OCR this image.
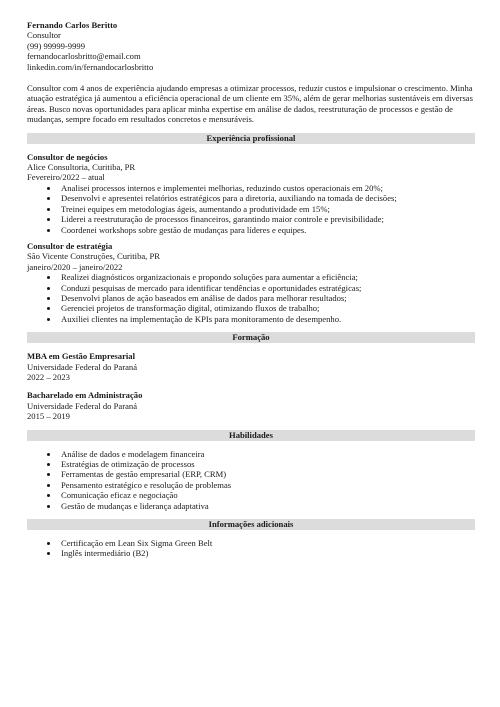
Fernando Carlos Beritto
Consultor
(99) 99999-9999
fernandocarlosbritto@email.com
linkedin.com/in/fernandocarlosbritto
Consultor com 4 anos de experiência ajudando empresas a otimizar processos, reduzir custos e impulsionar o crescimento. Minha atuação estratégica já aumentou a eficiência operacional de um cliente em 35%, além de gerar melhorias sustentáveis em diversas áreas. Busco novas oportunidades para aplicar minha expertise em análise de dados, reestruturação de processos e gestão de mudanças, sempre focado em resultados concretos e mensuráveis.
Experiência profissional
Consultor de negócios
Alice Consultoria, Curitiba, PR
Fevereiro/2022 – atual
• Analisei processos internos e implementei melhorias, reduzindo custos operacionais em 20%;
• Desenvolvi e apresentei relatórios estratégicos para a diretoria, auxiliando na tomada de decisões;
• Treinei equipes em metodologias ágeis, aumentando a produtividade em 15%;
• Liderei a reestruturação de processos financeiros, garantindo maior controle e previsibilidade;
• Coordenei workshops sobre gestão de mudanças para líderes e equipes.
Consultor de estratégia
São Vicente Construções, Curitiba, PR
janeiro/2020 – janeiro/2022
• Realizei diagnósticos organizacionais e propondo soluções para aumentar a eficiência;
• Conduzi pesquisas de mercado para identificar tendências e oportunidades estratégicas;
• Desenvolvi planos de ação baseados em análise de dados para melhorar resultados;
• Gerenciei projetos de transformação digital, otimizando fluxos de trabalho;
• Auxiliei clientes na implementação de KPIs para monitoramento de desempenho.
Formação
MBA em Gestão Empresarial
Universidade Federal do Paraná
2022 – 2023
Bacharelado em Administração
Universidade Federal do Paraná
2015 – 2019
Habilidades
• Análise de dados e modelagem financeira
• Estratégias de otimização de processos
• Ferramentas de gestão empresarial (ERP, CRM)
• Pensamento estratégico e resolução de problemas
• Comunicação eficaz e negociação
• Gestão de mudanças e liderança adaptativa
Informações adicionais
• Certificação em Lean Six Sigma Green Belt
• Inglês intermediário (B2)
